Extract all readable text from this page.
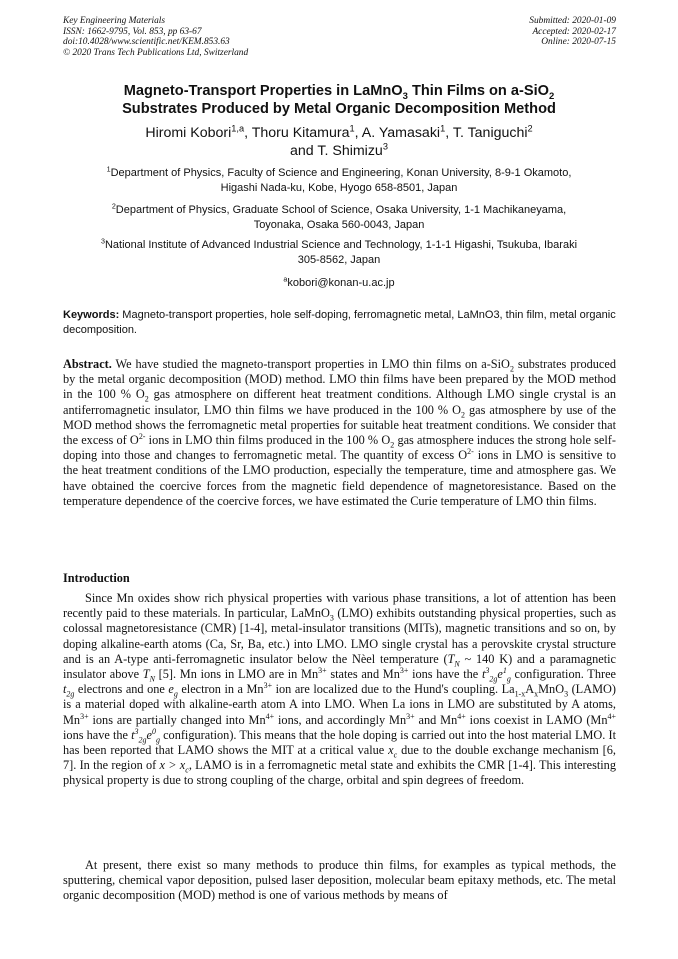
Key Engineering Materials
ISSN: 1662-9795, Vol. 853, pp 63-67
doi:10.4028/www.scientific.net/KEM.853.63
© 2020 Trans Tech Publications Ltd, Switzerland
Submitted: 2020-01-09
Accepted: 2020-02-17
Online: 2020-07-15
Magneto-Transport Properties in LaMnO$_3$ Thin Films on a-SiO$_2$
Substrates Produced by Metal Organic Decomposition Method
Hiromi Kobori$^{1,a}$, Thoru Kitamura$^1$, A. Yamasaki$^1$, T. Taniguchi$^2$
and T. Shimizu$^3$
$^1$Department of Physics, Faculty of Science and Engineering, Konan University, 8-9-1 Okamoto,
Higashi Nada-ku, Kobe, Hyogo 658-8501, Japan
$^2$Department of Physics, Graduate School of Science, Osaka University, 1-1 Machikaneyama,
Toyonaka, Osaka 560-0043, Japan
$^3$National Institute of Advanced Industrial Science and Technology, 1-1-1 Higashi, Tsukuba, Ibaraki
305-8562, Japan
$^a$kobori@konan-u.ac.jp
Keywords: Magneto-transport properties, hole self-doping, ferromagnetic metal, LaMnO3, thin film, metal organic decomposition.
Abstract. We have studied the magneto-transport properties in LMO thin films on a-SiO$_2$ substrates produced by the metal organic decomposition (MOD) method. LMO thin films have been prepared by the MOD method in the 100 % $O_2$ gas atmosphere on different heat treatment conditions. Although LMO single crystal is an antiferromagnetic insulator, LMO thin films we have produced in the 100 % $O_2$ gas atmosphere by use of the MOD method shows the ferromagnetic metal properties for suitable heat treatment conditions. We consider that the excess of $O^{2-}$ ions in LMO thin films produced in the 100 % $O_2$ gas atmosphere induces the strong hole self-doping into those and changes to ferromagnetic metal. The quantity of excess $O^{2-}$ ions in LMO is sensitive to the heat treatment conditions of the LMO production, especially the temperature, time and atmosphere gas. We have obtained the coercive forces from the magnetic field dependence of magnetoresistance. Based on the temperature dependence of the coercive forces, we have estimated the Curie temperature of LMO thin films.
Introduction
Since Mn oxides show rich physical properties with various phase transitions, a lot of attention has been recently paid to these materials. In particular, LaMnO$_3$ (LMO) exhibits outstanding physical properties, such as colossal magnetoresistance (CMR) [1-4], metal-insulator transitions (MITs), magnetic transitions and so on, by doping alkaline-earth atoms (Ca, Sr, Ba, etc.) into LMO. LMO single crystal has a perovskite crystal structure and is an A-type anti-ferromagnetic insulator below the Nèel temperature ($T_N$ ~ 140 K) and a paramagnetic insulator above $T_N$ [5]. Mn ions in LMO are in $Mn^{3+}$ states and $Mn^{3+}$ ions have the $t^3_{2g}e^1_g$ configuration. Three $t_{2g}$ electrons and one $e_g$ electron in a $Mn^{3+}$ ion are localized due to the Hund's coupling. $La_{1-x}A_xMnO_3$ (LAMO) is a material doped with alkaline-earth atom A into LMO. When La ions in LMO are substituted by A atoms, $Mn^{3+}$ ions are partially changed into $Mn^{4+}$ ions, and accordingly $Mn^{3+}$ and $Mn^{4+}$ ions coexist in LAMO ($Mn^{4+}$ ions have the $t^3_{2g}e^0_g$ configuration). This means that the hole doping is carried out into the host material LMO. It has been reported that LAMO shows the MIT at a critical value $x_c$ due to the double exchange mechanism [6, 7]. In the region of $x > x_c$, LAMO is in a ferromagnetic metal state and exhibits the CMR [1-4]. This interesting physical property is due to strong coupling of the charge, orbital and spin degrees of freedom.
At present, there exist so many methods to produce thin films, for examples as typical methods, the sputtering, chemical vapor deposition, pulsed laser deposition, molecular beam epitaxy methods, etc. The metal organic decomposition (MOD) method is one of various methods by means of
